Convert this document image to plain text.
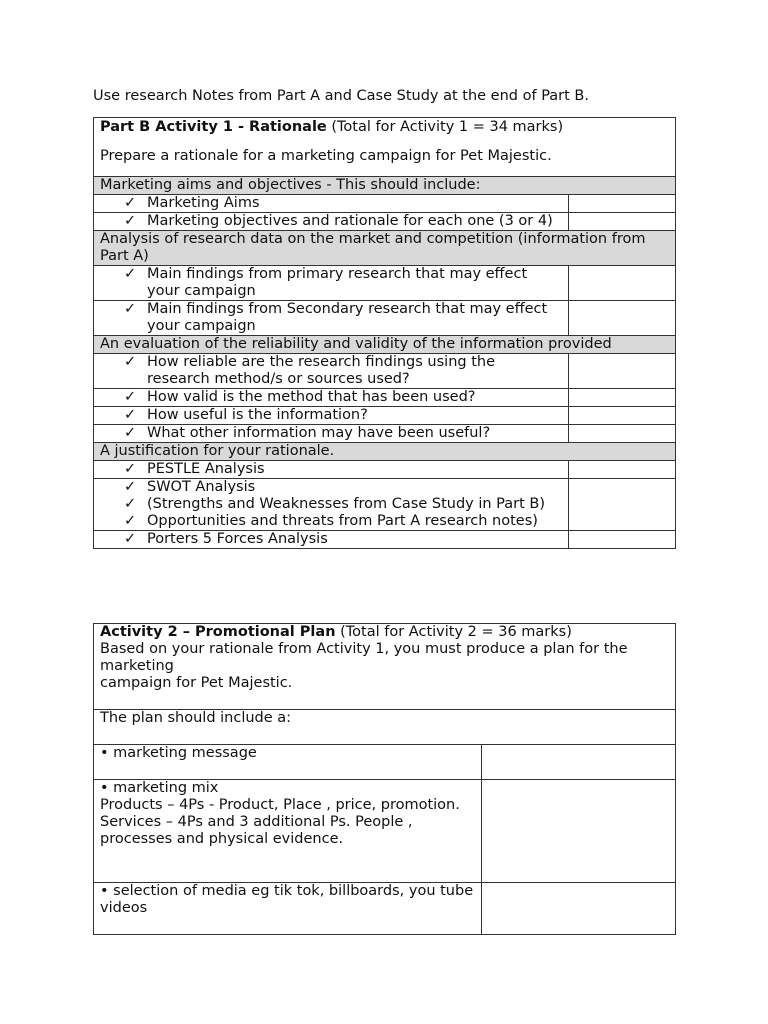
Use research Notes from Part A and Case Study at the end of Part B.

Part B Activity 1 - Rationale (Total for Activity 1 = 34 marks)

Prepare a rationale for a marketing campaign for Pet Majestic.	

Marketing aims and objectives - This should include:	

✓ Marketing Aims

✓ Marketing objectives and rationale for each one (3 or 4)

Analysis of research data on the market and competition (information from Part A)	

✓ Main findings from primary research that may effect your campaign

✓ Main findings from Secondary research that may effect your campaign

An evaluation of the reliability and validity of the information provided	

✓ How reliable are the research findings using the research method/s or sources used?

✓ How valid is the method that has been used?

✓ How useful is the information?

✓ What other information may have been useful?

A justification for your rationale.	

✓ PESTLE Analysis

✓ SWOT Analysis
✓ (Strengths and Weaknesses from Case Study in Part B)
✓ Opportunities and threats from Part A research notes)

✓ Porters 5 Forces Analysis

Activity 2 – Promotional Plan (Total for Activity 2 = 36 marks)
Based on your rationale from Activity 1, you must produce a plan for the marketing
campaign for Pet Majestic.	

The plan should include a:	
• marketing message	

• marketing mix
Products – 4Ps - Product, Place , price, promotion.
Services – 4Ps and 3 additional Ps. People , processes and physical evidence.	

• selection of media eg tik tok, billboards, you tube videos	
